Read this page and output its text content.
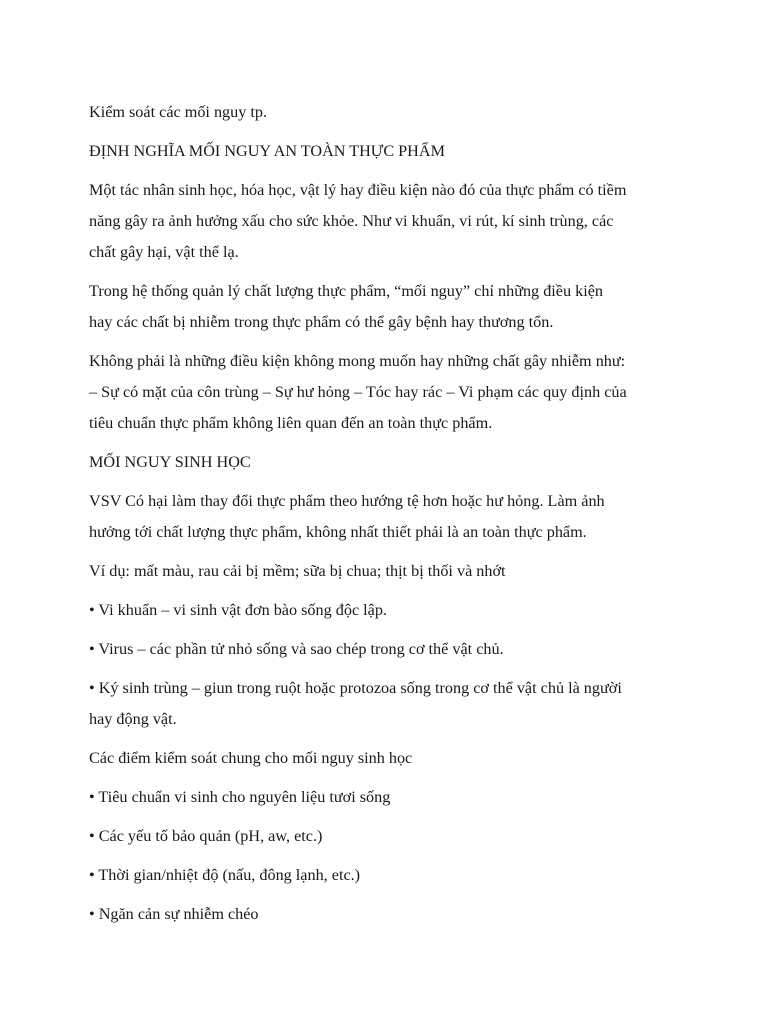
Kiểm soát các mối nguy tp.

ĐỊNH NGHĨA MỐI NGUY AN TOÀN THỰC PHẨM

Một tác nhân sinh học, hóa học, vật lý hay điều kiện nào đó của thực phẩm có tiềm
năng gây ra ảnh hưởng xấu cho sức khỏe. Như vi khuẩn, vi rút, kí sinh trùng, các
chất gây hại, vật thể lạ.

Trong hệ thống quản lý chất lượng thực phẩm, “mối nguy” chỉ những điều kiện
hay các chất bị nhiễm trong thực phẩm có thể gây bệnh hay thương tổn.

Không phải là những điều kiện không mong muốn hay những chất gây nhiễm như:
– Sự có mặt của côn trùng – Sự hư hỏng – Tóc hay rác – Vi phạm các quy định của
tiêu chuẩn thực phẩm không liên quan đến an toàn thực phẩm.

MỐI NGUY SINH HỌC

VSV Có hại làm thay đổi thực phẩm theo hướng tệ hơn hoặc hư hỏng. Làm ảnh
hưởng tới chất lượng thực phẩm, không nhất thiết phải là an toàn thực phẩm.

Ví dụ: mất màu, rau cải bị mềm; sữa bị chua; thịt bị thối và nhớt

• Vi khuẩn – vi sinh vật đơn bào sống độc lập.

• Virus – các phần tử nhỏ sống và sao chép trong cơ thể vật chủ.

• Ký sinh trùng – giun trong ruột hoặc protozoa sống trong cơ thể vật chủ là người
hay động vật.

Các điểm kiểm soát chung cho mối nguy sinh học

• Tiêu chuẩn vi sinh cho nguyên liệu tươi sống

• Các yếu tố bảo quản (pH, aw, etc.)

• Thời gian/nhiệt độ (nấu, đông lạnh, etc.)

• Ngăn cản sự nhiễm chéo
